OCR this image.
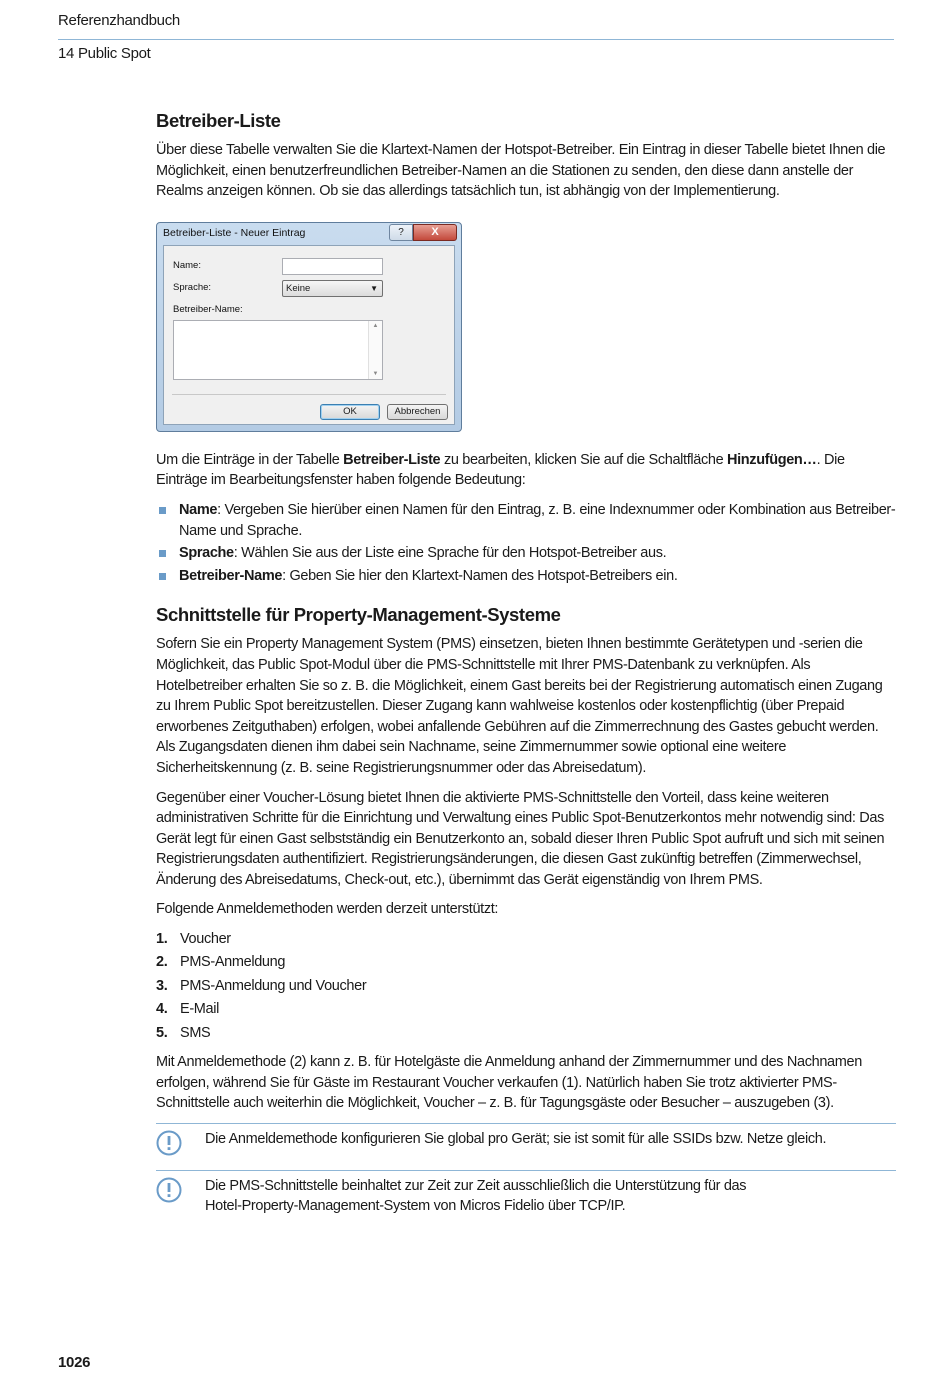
Referenzhandbuch
14 Public Spot
Betreiber-Liste

Über diese Tabelle verwalten Sie die Klartext-Namen der Hotspot-Betreiber. Ein Eintrag in dieser Tabelle bietet Ihnen die Möglichkeit, einen benutzerfreundlichen Betreiber-Namen an die Stationen zu senden, den diese dann anstelle der Realms anzeigen können. Ob sie das allerdings tatsächlich tun, ist abhängig von der Implementierung.

Betreiber-Liste - Neuer Eintrag	?	X
Name:
Sprache:	Keine	▼
Betreiber-Name:
▲
▼
OK	Abbrechen

Um die Einträge in der Tabelle Betreiber-Liste zu bearbeiten, klicken Sie auf die Schaltfläche Hinzufügen…. Die Einträge im Bearbeitungsfenster haben folgende Bedeutung:

Name: Vergeben Sie hierüber einen Namen für den Eintrag, z. B. eine Indexnummer oder Kombination aus Betreiber-Name und Sprache.
Sprache: Wählen Sie aus der Liste eine Sprache für den Hotspot-Betreiber aus.
Betreiber-Name: Geben Sie hier den Klartext-Namen des Hotspot-Betreibers ein.
Schnittstelle für Property-Management-Systeme

Sofern Sie ein Property Management System (PMS) einsetzen, bieten Ihnen bestimmte Gerätetypen und -serien die Möglichkeit, das Public Spot-Modul über die PMS-Schnittstelle mit Ihrer PMS-Datenbank zu verknüpfen. Als Hotelbetreiber erhalten Sie so z. B. die Möglichkeit, einem Gast bereits bei der Registrierung automatisch einen Zugang zu Ihrem Public Spot bereitzustellen. Dieser Zugang kann wahlweise kostenlos oder kostenpflichtig (über Prepaid erworbenes Zeitguthaben) erfolgen, wobei anfallende Gebühren auf die Zimmerrechnung des Gastes gebucht werden. Als Zugangsdaten dienen ihm dabei sein Nachname, seine Zimmernummer sowie optional eine weitere Sicherheitskennung (z. B. seine Registrierungsnummer oder das Abreisedatum).

Gegenüber einer Voucher-Lösung bietet Ihnen die aktivierte PMS-Schnittstelle den Vorteil, dass keine weiteren administrativen Schritte für die Einrichtung und Verwaltung eines Public Spot-Benutzerkontos mehr notwendig sind: Das Gerät legt für einen Gast selbstständig ein Benutzerkonto an, sobald dieser Ihren Public Spot aufruft und sich mit seinen Registrierungsdaten authentifiziert. Registrierungsänderungen, die diesen Gast zukünftig betreffen (Zimmerwechsel, Änderung des Abreisedatums, Check-out, etc.), übernimmt das Gerät eigenständig von Ihrem PMS.

Folgende Anmeldemethoden werden derzeit unterstützt:

1. Voucher
2. PMS-Anmeldung
3. PMS-Anmeldung und Voucher
4. E-Mail
5. SMS

Mit Anmeldemethode (2) kann z. B. für Hotelgäste die Anmeldung anhand der Zimmernummer und des Nachnamen erfolgen, während Sie für Gäste im Restaurant Voucher verkaufen (1). Natürlich haben Sie trotz aktivierter PMS-Schnittstelle auch weiterhin die Möglichkeit, Voucher – z. B. für Tagungsgäste oder Besucher – auszugeben (3).

Die Anmeldemethode konfigurieren Sie global pro Gerät; sie ist somit für alle SSIDs bzw. Netze gleich.

Die PMS-Schnittstelle beinhaltet zur Zeit zur Zeit ausschließlich die Unterstützung für das
Hotel-Property-Management-System von Micros Fidelio über TCP/IP.

1026
